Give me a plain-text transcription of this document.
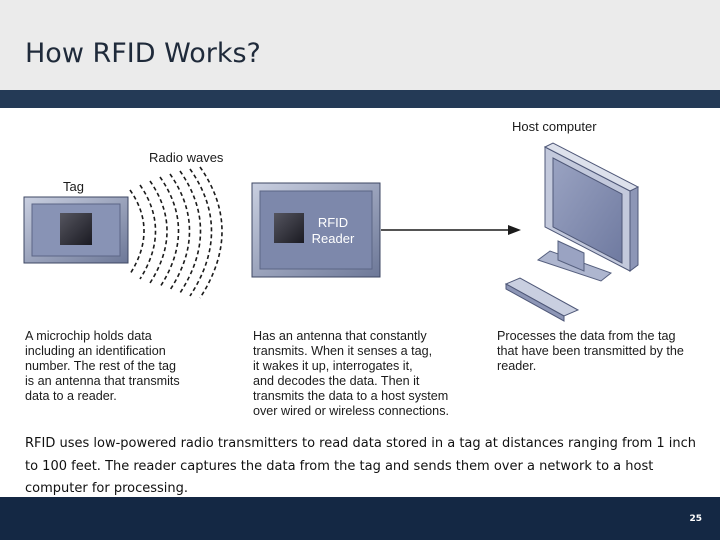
How RFID Works?
Tag
Radio waves
Host computer
RFID
Reader
A microchip holds data
including an identification
number. The rest of the tag
is an antenna that transmits
data to a reader.
Has an antenna that constantly
transmits. When it senses a tag,
it wakes it up, interrogates it,
and decodes the data. Then it
transmits the data to a host system
over wired or wireless connections.
Processes the data from the tag
that have been transmitted by the
reader.

RFID uses low-powered radio transmitters to read data stored in a tag at distances ranging from 1 inch to 100 feet. The reader captures the data from the tag and sends them over a network to a host computer for processing.

25
